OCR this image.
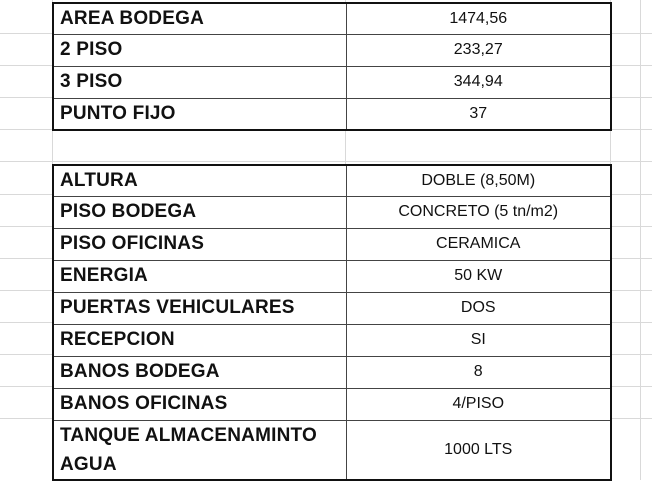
AREA BODEGA	1474,56
2 PISO	233,27
3 PISO	344,94
PUNTO FIJO	37
ALTURA	DOBLE (8,50M)
PISO BODEGA	CONCRETO (5 tn/m2)
PISO OFICINAS	CERAMICA
ENERGIA	50 KW
PUERTAS VEHICULARES	DOS
RECEPCION	SI
BANOS BODEGA	8
BANOS OFICINAS	4/PISO
TANQUE ALMACENAMINTO AGUA	1000 LTS
